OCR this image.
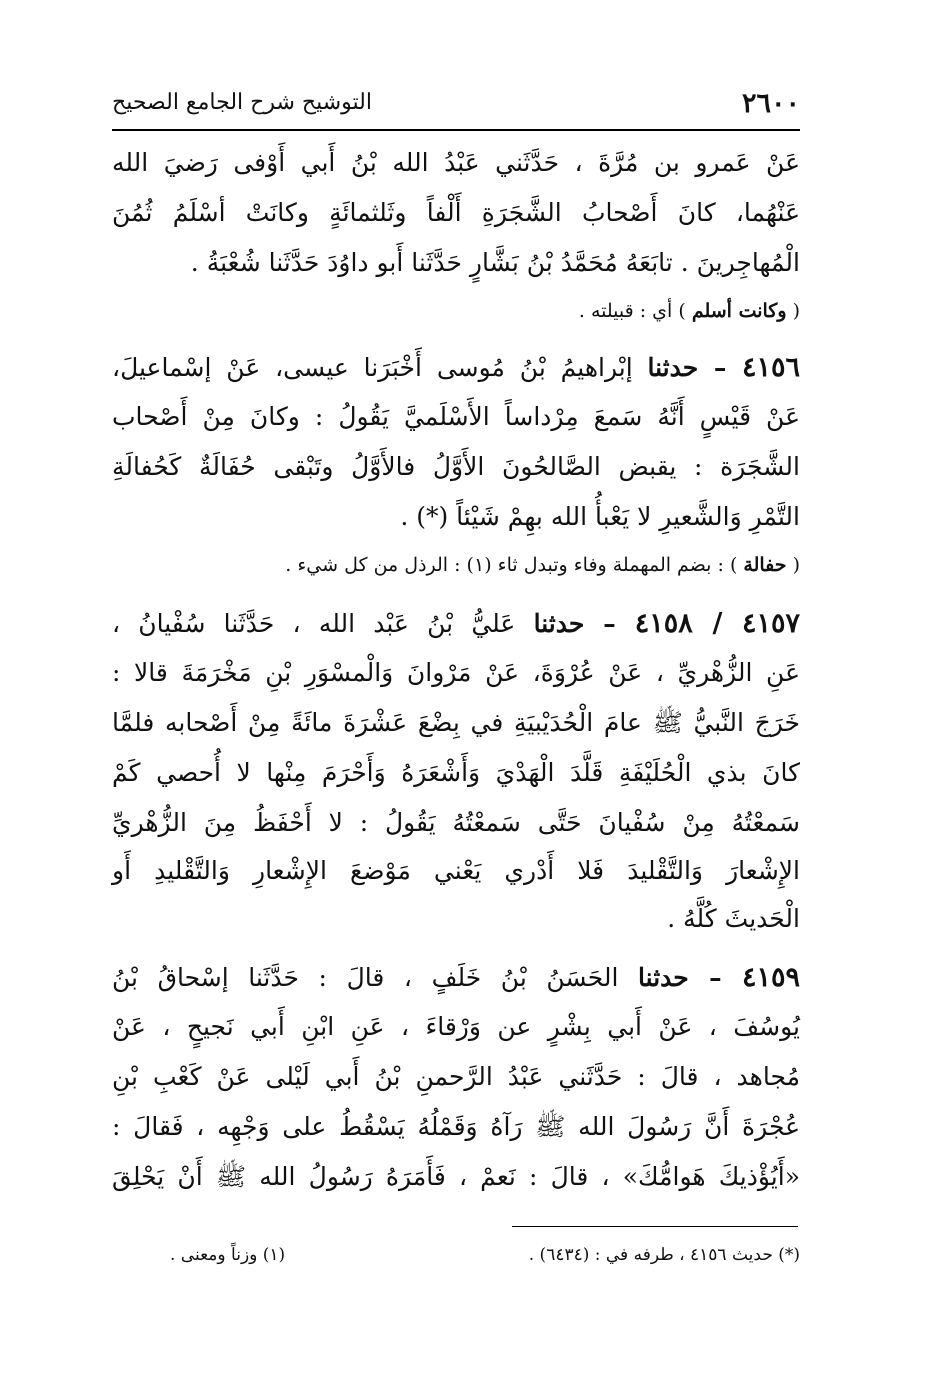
٢٦٠٠
التوشيح شرح الجامع الصحيح
عَنْ عَمرو بن مُرَّةَ ، حَدَّثَني عَبْدُ الله بْنُ أَبي أَوْفى رَضيَ الله
عَنْهُما، كانَ أَصْحابُ الشَّجَرَةِ أَلْفاً وثَلثمائَةٍ وكانَتْ أسْلَمُ ثُمُنَ
الْمُهاجِرينَ . تابَعَهُ مُحَمَّدُ بْنُ بَشَّارٍ حَدَّثَنا أَبو داوُدَ حَدَّثَنا شُعْبَةُ .
( وكانت أسلم ) أي : قبيلته .
٤١٥٦ – حدثنا إبْراهيمُ بْنُ مُوسى أَخْبَرَنا عيسى، عَنْ إسْماعيلَ،
عَنْ قَيْسٍ أَنَّهُ سَمعَ مِرْداساً الأَسْلَميَّ يَقُولُ : وكانَ مِنْ أَصْحاب
الشَّجَرَة : يقبض الصَّالحُونَ الأَوَّلُ فالأَوَّلُ وتَبْقى حُفَالَةٌ كَحُفالَةِ
التَّمْرِ وَالشَّعيرِ لا يَعْبأُ الله بهِمْ شَيْئاً (*) .
( حفالة ) : بضم المهملة وفاء وتبدل ثاء (١) : الرذل من كل شيء .
٤١٥٧ / ٤١٥٨ – حدثنا عَليُّ بْنُ عَبْد الله ، حَدَّثَنا سُفْيانُ ،
عَنِ الزُّهْريِّ ، عَنْ عُرْوَةَ، عَنْ مَرْوانَ وَالْمسْوَرِ بْنِ مَخْرَمَةَ قالا :
خَرَجَ النَّبيُّ ﷺ عامَ الْحُدَيْبيَةِ في بِضْعَ عَشْرَةَ مائَةً مِنْ أَصْحابه فلمَّا
كانَ بذي الْحُلَيْفَةِ قَلَّدَ الْهَدْيَ وَأَشْعَرَهُ وَأَحْرَمَ مِنْها لا أُحصي كَمْ
سَمعْتُهُ مِنْ سُفْيانَ حَتَّى سَمعْتُهُ يَقُولُ : لا أَحْفَظُ مِنَ الزُّهْريِّ
الإِشْعارَ وَالتَّقْليدَ فَلا أَدْري يَعْني مَوْضعَ الإِشْعارِ وَالتَّقْليدِ أَو
الْحَديثَ كُلَّهُ .
٤١٥٩ – حدثنا الحَسَنُ بْنُ خَلَفٍ ، قالَ : حَدَّثَنا إسْحاقُ بْنُ
يُوسُفَ ، عَنْ أَبي بِشْرٍ عن وَرْقاءَ ، عَنِ ابْنِ أَبي نَجيحٍ ، عَنْ
مُجاهد ، قالَ : حَدَّثَني عَبْدُ الرَّحمنِ بْنُ أَبي لَيْلى عَنْ كَعْبِ بْنِ
عُجْرَةَ أَنَّ رَسُولَ الله ﷺ رَآهُ وَقَمْلُهُ يَسْقُطُ على وَجْهِه ، فَقالَ :
«أَيُؤْذيكَ هَوامُّكَ» ، قالَ : نَعمْ ، فَأَمَرَهُ رَسُولُ الله ﷺ أَنْ يَحْلِقَ
(*) حديث ٤١٥٦ ، طرفه في : (٦٤٣٤) .
(١) وزناً ومعنى .
